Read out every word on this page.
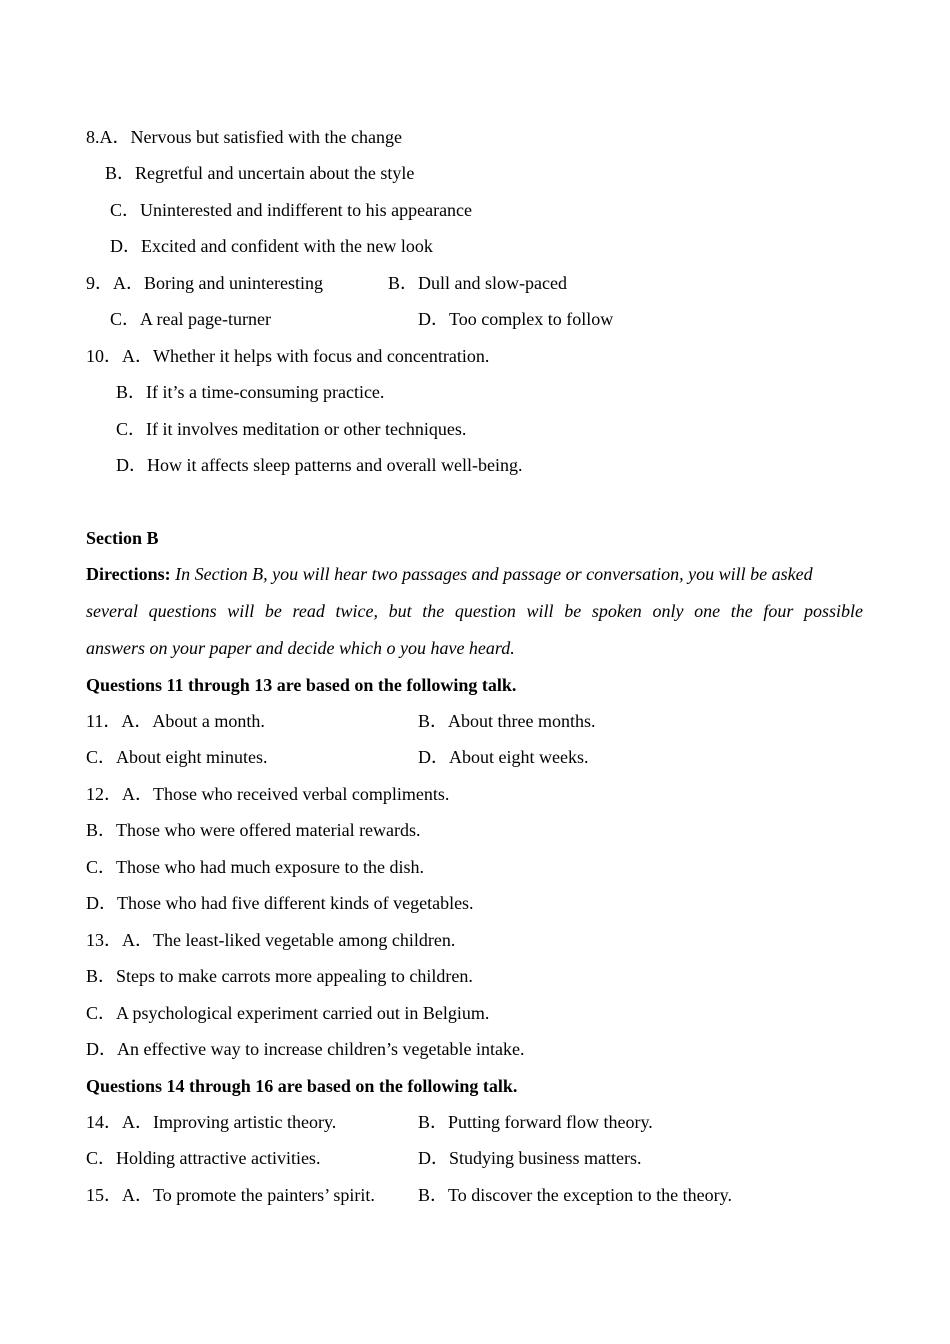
8.A．Nervous but satisfied with the change
B．Regretful and uncertain about the style
C．Uninterested and indifferent to his appearance
D．Excited and confident with the new look
9．A．Boring and uninteresting	B．Dull and slow-paced
C．A real page-turner	D．Too complex to follow
10．A．Whether it helps with focus and concentration.
B．If it’s a time-consuming practice.
C．If it involves meditation or other techniques.
D．How it affects sleep patterns and overall well-being.
Section B
Directions: In Section B, you will hear two passages and passage or conversation, you will be asked
several questions will be read twice, but the question will be spoken only one the four possible
answers on your paper and decide which o you have heard.
Questions 11 through 13 are based on the following talk.
11．A．About a month.	B．About three months.
C．About eight minutes.	D．About eight weeks.
12．A．Those who received verbal compliments.
B．Those who were offered material rewards.
C．Those who had much exposure to the dish.
D．Those who had five different kinds of vegetables.
13．A．The least-liked vegetable among children.
B．Steps to make carrots more appealing to children.
C．A psychological experiment carried out in Belgium.
D．An effective way to increase children’s vegetable intake.
Questions 14 through 16 are based on the following talk.
14．A．Improving artistic theory.	B．Putting forward flow theory.
C．Holding attractive activities.	D．Studying business matters.
15．A．To promote the painters’ spirit. B．To discover the exception to the theory.
